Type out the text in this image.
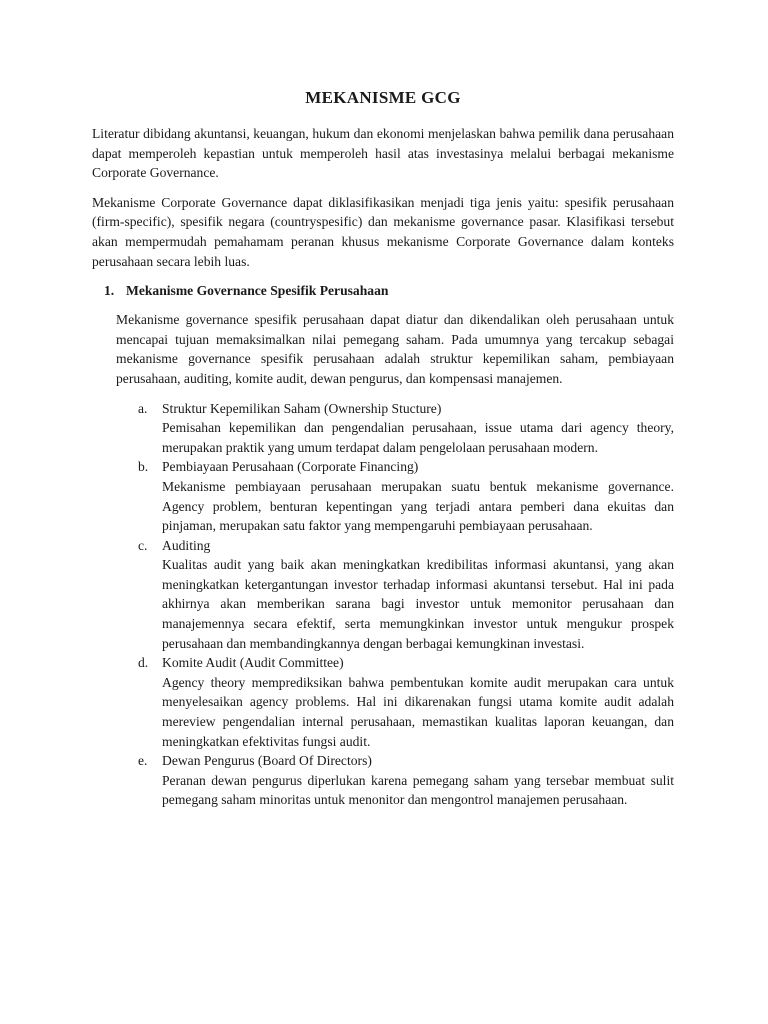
MEKANISME GCG

Literatur dibidang akuntansi, keuangan, hukum dan ekonomi menjelaskan bahwa pemilik dana perusahaan dapat memperoleh kepastian untuk memperoleh hasil atas investasinya melalui berbagai mekanisme Corporate Governance.

Mekanisme Corporate Governance dapat diklasifikasikan menjadi tiga jenis yaitu: spesifik perusahaan (firm-specific), spesifik negara (countryspesific) dan mekanisme governance pasar. Klasifikasi tersebut akan mempermudah pemahamam peranan khusus mekanisme Corporate Governance dalam konteks perusahaan secara lebih luas.

1. Mekanisme Governance Spesifik Perusahaan

Mekanisme governance spesifik perusahaan dapat diatur dan dikendalikan oleh perusahaan untuk mencapai tujuan memaksimalkan nilai pemegang saham. Pada umumnya yang tercakup sebagai mekanisme governance spesifik perusahaan adalah struktur kepemilikan saham, pembiayaan perusahaan, auditing, komite audit, dewan pengurus, dan kompensasi manajemen.

a.	Struktur Kepemilikan Saham (Ownership Stucture)
Pemisahan kepemilikan dan pengendalian perusahaan, issue utama dari agency theory, merupakan praktik yang umum terdapat dalam pengelolaan perusahaan modern.
b.	Pembiayaan Perusahaan (Corporate Financing)
Mekanisme pembiayaan perusahaan merupakan suatu bentuk mekanisme governance. Agency problem, benturan kepentingan yang terjadi antara pemberi dana ekuitas dan pinjaman, merupakan satu faktor yang mempengaruhi pembiayaan perusahaan.
c.	Auditing
Kualitas audit yang baik akan meningkatkan kredibilitas informasi akuntansi, yang akan meningkatkan ketergantungan investor terhadap informasi akuntansi tersebut. Hal ini pada akhirnya akan memberikan sarana bagi investor untuk memonitor perusahaan dan manajemennya secara efektif, serta memungkinkan investor untuk mengukur prospek perusahaan dan membandingkannya dengan berbagai kemungkinan investasi.
d.	Komite Audit (Audit Committee)
Agency theory memprediksikan bahwa pembentukan komite audit merupakan cara untuk menyelesaikan agency problems. Hal ini dikarenakan fungsi utama komite audit adalah mereview pengendalian internal perusahaan, memastikan kualitas laporan keuangan, dan meningkatkan efektivitas fungsi audit.
e.	Dewan Pengurus (Board Of Directors)
Peranan dewan pengurus diperlukan karena pemegang saham yang tersebar membuat sulit pemegang saham minoritas untuk menonitor dan mengontrol manajemen perusahaan.
